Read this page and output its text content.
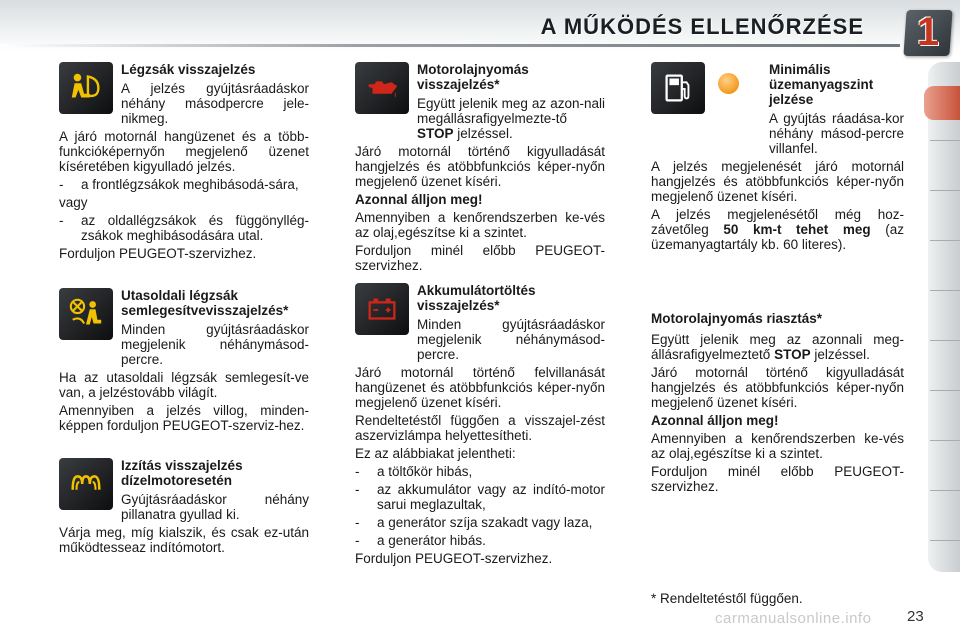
A MŰKÖDÉS ELLENŐRZÉSE 1
Légzsák visszajelzés
A jelzés gyújtásráadáskor néhány másodpercre jele-nikmeg.
A járó motornál hangüzenet és a több-funkcióképernyőn megjelenő üzenet kíséretében kigyulladó jelzés.
-	a frontlégzsákok meghibásodá-sára,
vagy
-	az oldallégzsákok és függönyllég-zsákok meghibásodására utal.
Forduljon PEUGEOT-szervizhez.
Utasoldali légzsák semlegesítvevisszajelzés*
Minden gyújtásráadáskor megjelenik néhánymásod-percre.
Ha az utasoldali légzsák semlegesít-ve van, a jelzéstovább világít.
Amennyiben a jelzés villog, minden-képpen forduljon PEUGEOT-szerviz-hez.
Izzítás visszajelzés dízelmotoresetén
Gyújtásráadáskor néhány pillanatra gyullad ki.
Várja meg, míg kialszik, és csak ez-után működtesseaz indítómotort.
Motorolajnyomás visszajelzés*
Együtt jelenik meg az azon-nali megállásrafigyelmezte-tő STOP jelzéssel.
Járó motornál történő kigyulladását hangjelzés és atöbbfunkciós képer-nyőn megjelenő üzenet kíséri.
Azonnal álljon meg!
Amennyiben a kenőrendszerben ke-vés az olaj,egészítse ki a szintet.
Forduljon minél előbb PEUGEOT-szervizhez.
Akkumulátortöltés visszajelzés*
Minden gyújtásráadáskor megjelenik néhánymásod-percre.
Járó motornál történő felvillanását hangüzenet és atöbbfunkciós képer-nyőn megjelenő üzenet kíséri.
Rendeltetéstől függően a visszajel-zést aszervizlámpa helyettesítheti.
Ez az alábbiakat jelentheti:
-	a töltőkör hibás,
-	az akkumulátor vagy az indító-motor sarui meglazultak,
-	a generátor szíja szakadt vagy laza,
-	a generátor hibás.
Forduljon PEUGEOT-szervizhez.
Minimális üzemanyagszint jelzése
A gyújtás ráadása-kor néhány másod-percre villanfel.
A jelzés megjelenését járó motornál hangjelzés és atöbbfunkciós képer-nyőn megjelenő üzenet kíséri.
A jelzés megjelenésétől még hoz-závetőleg 50 km-t tehet meg (az üzemanyagtartály kb. 60 literes).
Motorolajnyomás riasztás*
Együtt jelenik meg az azonnali meg-állásrafigyelmeztető STOP jelzéssel.
Járó motornál történő kigyulladását hangjelzés és atöbbfunkciós képer-nyőn megjelenő üzenet kíséri.
Azonnal álljon meg!
Amennyiben a kenőrendszerben ke-vés az olaj,egészítse ki a szintet.
Forduljon minél előbb PEUGEOT-szervizhez.
* Rendeltetéstől függően.
carmanualsonline.info 23
